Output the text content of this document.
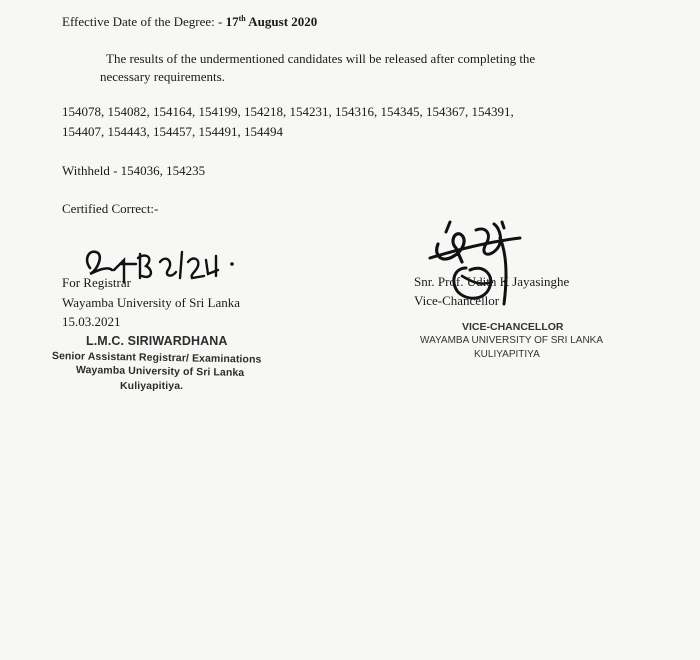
Effective Date of the Degree: - 17th August 2020
The results of the undermentioned candidates will be released after completing the
necessary requirements.
154078, 154082, 154164, 154199, 154218, 154231, 154316, 154345, 154367, 154391,
154407, 154443, 154457, 154491, 154494
Withheld - 154036, 154235
Certified Correct:-
For Registrar
Wayamba University of Sri Lanka
15.03.2021
L.M.C. SIRIWARDHANA
Senior Assistant Registrar/ Examinations
Wayamba University of Sri Lanka
Kuliyapitiya.
Snr. Prof. Udith K Jayasinghe
Vice-Chancellor
VICE-CHANCELLOR
WAYAMBA UNIVERSITY OF SRI LANKA
KULIYAPITIYA
